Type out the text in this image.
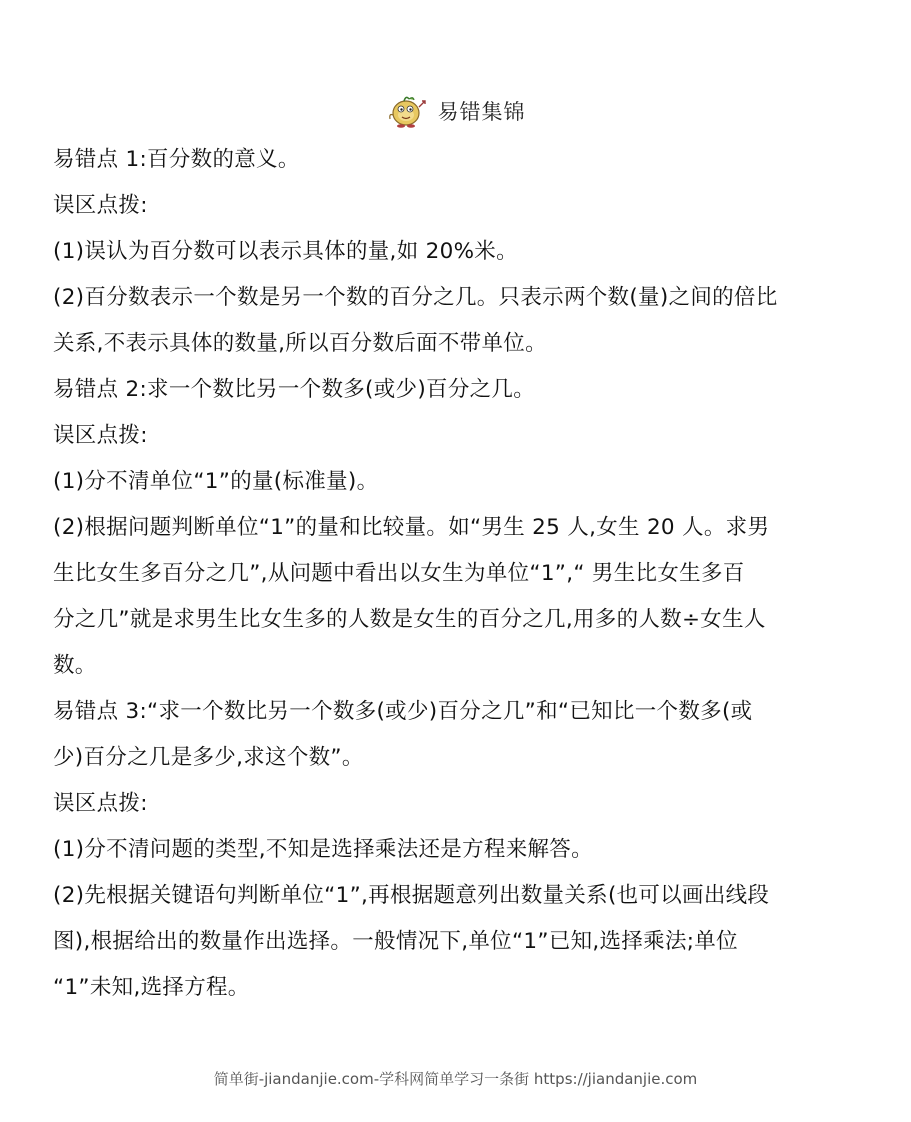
易错集锦
易错点 1:百分数的意义。
误区点拨:
(1)误认为百分数可以表示具体的量,如 20%米。
(2)百分数表示一个数是另一个数的百分之几。只表示两个数(量)之间的倍比
关系,不表示具体的数量,所以百分数后面不带单位。
易错点 2:求一个数比另一个数多(或少)百分之几。
误区点拨:
(1)分不清单位“1”的量(标准量)。
(2)根据问题判断单位“1”的量和比较量。如“男生 25 人,女生 20 人。求男
生比女生多百分之几”,从问题中看出以女生为单位“1”,“ 男生比女生多百
分之几”就是求男生比女生多的人数是女生的百分之几,用多的人数÷女生人
数。
易错点 3:“求一个数比另一个数多(或少)百分之几”和“已知比一个数多(或
少)百分之几是多少,求这个数”。
误区点拨:
(1)分不清问题的类型,不知是选择乘法还是方程来解答。
(2)先根据关键语句判断单位“1”,再根据题意列出数量关系(也可以画出线段
图),根据给出的数量作出选择。一般情况下,单位“1”已知,选择乘法;单位
“1”未知,选择方程。
简单街-jiandanjie.com-学科网简单学习一条街 https://jiandanjie.com
